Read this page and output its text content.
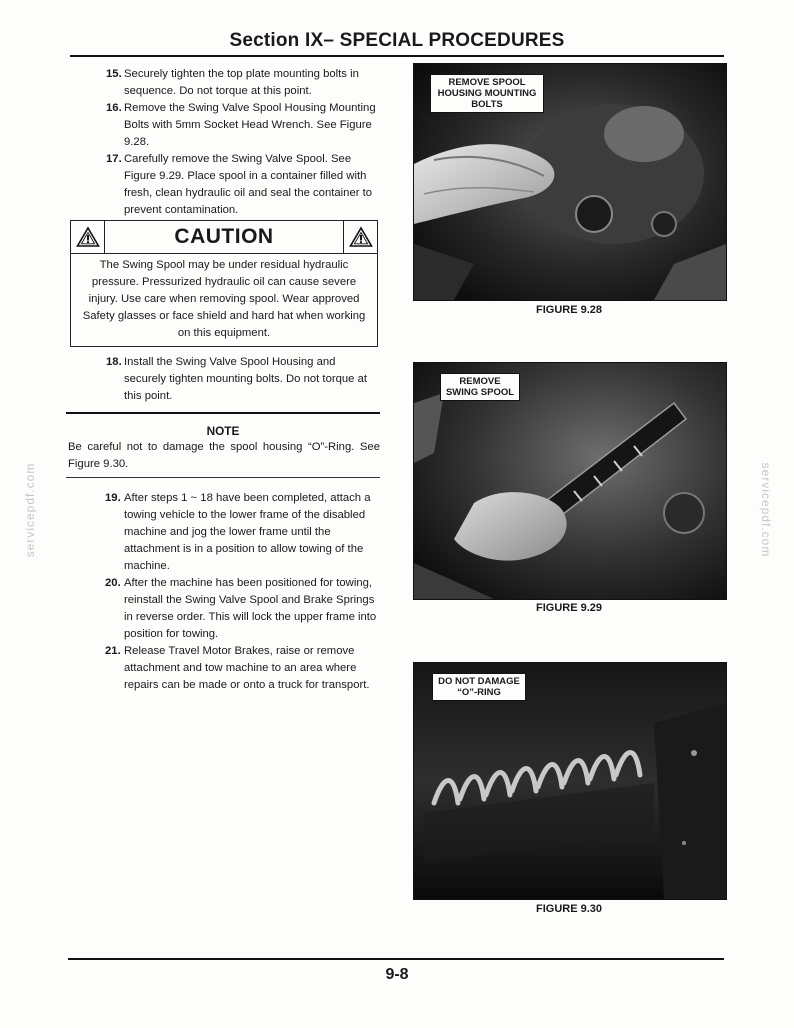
Section IX– SPECIAL PROCEDURES
servicepdf.com	servicepdf.com
15. Securely tighten the top plate mounting bolts in sequence. Do not torque at this point.
16. Remove the Swing Valve Spool Housing Mounting Bolts with 5mm Socket Head Wrench. See Figure 9.28.
17. Carefully remove the Swing Valve Spool. See Figure 9.29. Place spool in a container filled with fresh, clean hydraulic oil and seal the container to prevent contamination.
CAUTION
The Swing Spool may be under residual hydraulic pressure. Pressurized hydraulic oil can cause severe injury. Use care when removing spool. Wear approved Safety glasses or face shield and hard hat when working on this equipment.
18. Install the Swing Valve Spool Housing and securely tighten mounting bolts. Do not torque at this point.
NOTE
Be careful not to damage the spool housing “O”-Ring. See Figure 9.30.
19. After steps 1 ~ 18 have been completed, attach a towing vehicle to the lower frame of the disabled machine and jog the lower frame until the attachment is in a position to allow towing of the machine.
20. After the machine has been positioned for towing, reinstall the Swing Valve Spool and Brake Springs in reverse order. This will lock the upper frame into position for towing.
21. Release Travel Motor Brakes, raise or remove attachment and tow machine to an area where repairs can be made or onto a truck for transport.
REMOVE SPOOL
HOUSING MOUNTING
BOLTS
FIGURE 9.28
REMOVE
SWING SPOOL
FIGURE 9.29
DO NOT DAMAGE
“O”-RING
FIGURE 9.30
9-8
